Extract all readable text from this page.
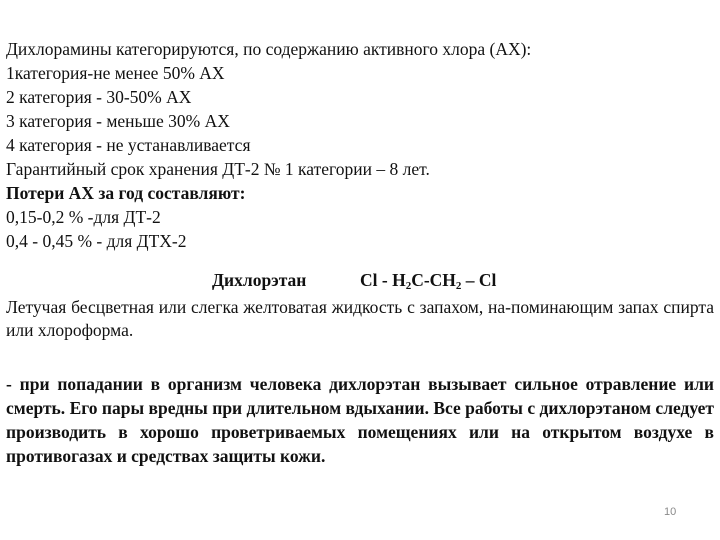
Дихлорамины категорируются, по содержанию активного хлора (АХ):
1категория-не менее 50% АХ
2 категория - 30-50% АХ
3 категория - меньше 30% АХ
4 категория - не устанавливается
Гарантийный срок хранения ДТ-2 № 1 категории – 8 лет.
Потери АХ за год составляют:
0,15-0,2 % -для ДТ-2
0,4 - 0,45 % - для ДТХ-2
Дихлорэтан	Cl - $H_2C-CH_2$ – Cl
Летучая бесцветная или слегка желтоватая жидкость с запахом, на-поминающим запах спирта или хлороформа.
- при попадании в организм человека дихлорэтан вызывает сильное отравление или смерть. Его пары вредны при длительном вдыхании. Все работы с дихлорэтаном следует производить в хорошо проветриваемых помещениях или на открытом воздухе в противогазах и средствах защиты кожи.
10
